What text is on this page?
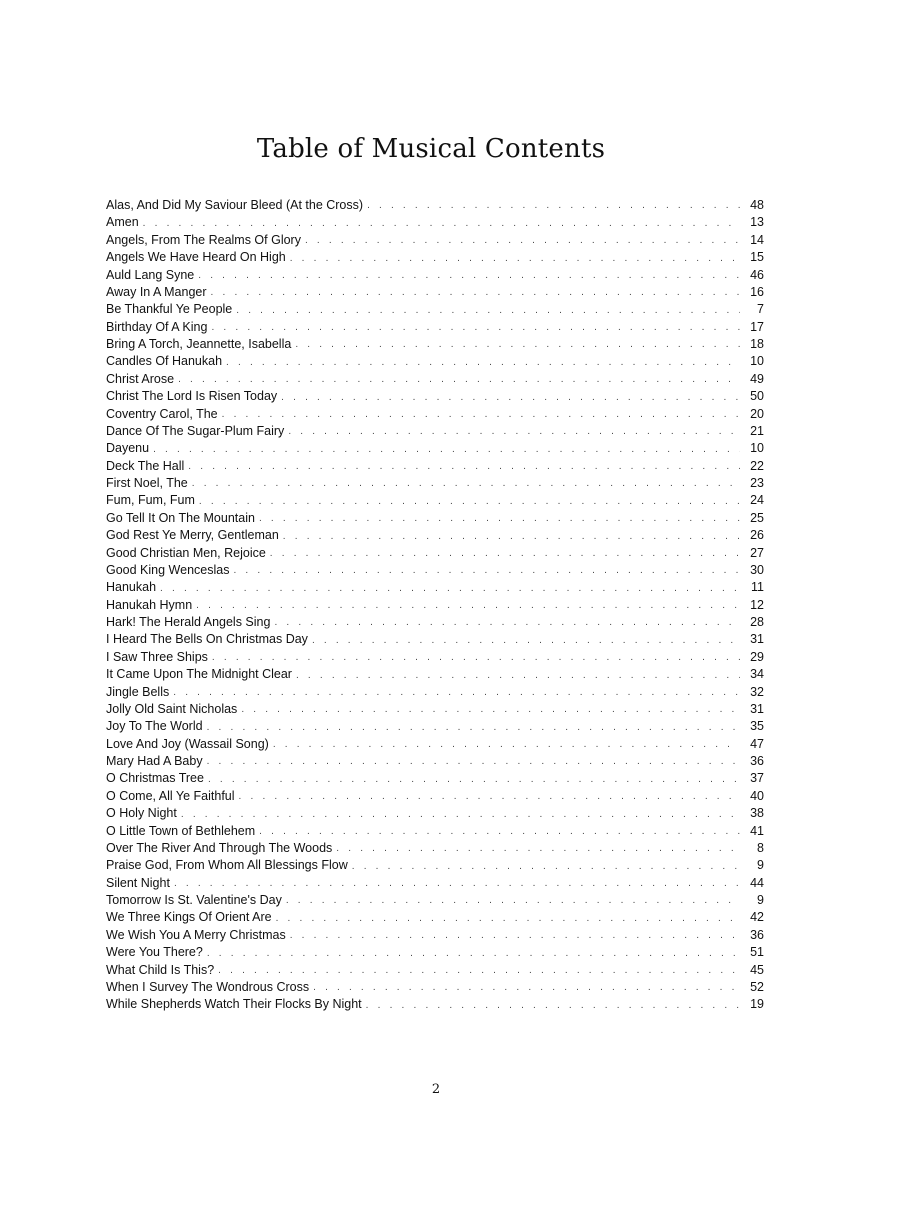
Table of Musical Contents
Alas, And Did My Saviour Bleed (At the Cross) . . .	48
Amen . . .	13
Angels, From The Realms Of Glory . . .	14
Angels We Have Heard On High . . .	15
Auld Lang Syne . . .	46
Away In A Manger . . .	16
Be Thankful Ye People . . .	7
Birthday Of A King . . .	17
Bring A Torch, Jeannette, Isabella . . .	18
Candles Of Hanukah . . .	10
Christ Arose . . .	49
Christ The Lord Is Risen Today . . .	50
Coventry Carol, The . . .	20
Dance Of The Sugar-Plum Fairy . . .	21
Dayenu . . .	10
Deck The Hall . . .	22
First Noel, The . . .	23
Fum, Fum, Fum . . .	24
Go Tell It On The Mountain . . .	25
God Rest Ye Merry, Gentleman . . .	26
Good Christian Men, Rejoice . . .	27
Good King Wenceslas . . .	30
Hanukah . . .	11
Hanukah Hymn . . .	12
Hark! The Herald Angels Sing . . .	28
I Heard The Bells On Christmas Day . . .	31
I Saw Three Ships . . .	29
It Came Upon The Midnight Clear . . .	34
Jingle Bells . . .	32
Jolly Old Saint Nicholas . . .	31
Joy To The World . . .	35
Love And Joy (Wassail Song) . . .	47
Mary Had A Baby . . .	36
O Christmas Tree . . .	37
O Come, All Ye Faithful . . .	40
O Holy Night . . .	38
O Little Town of Bethlehem . . .	41
Over The River And Through The Woods . . .	8
Praise God, From Whom All Blessings Flow . . .	9
Silent Night . . .	44
Tomorrow Is St. Valentine's Day . . .	9
We Three Kings Of Orient Are . . .	42
We Wish You A Merry Christmas . . .	36
Were You There? . . .	51
What Child Is This? . . .	45
When I Survey The Wondrous Cross . . .	52
While Shepherds Watch Their Flocks By Night . . .	19
2
